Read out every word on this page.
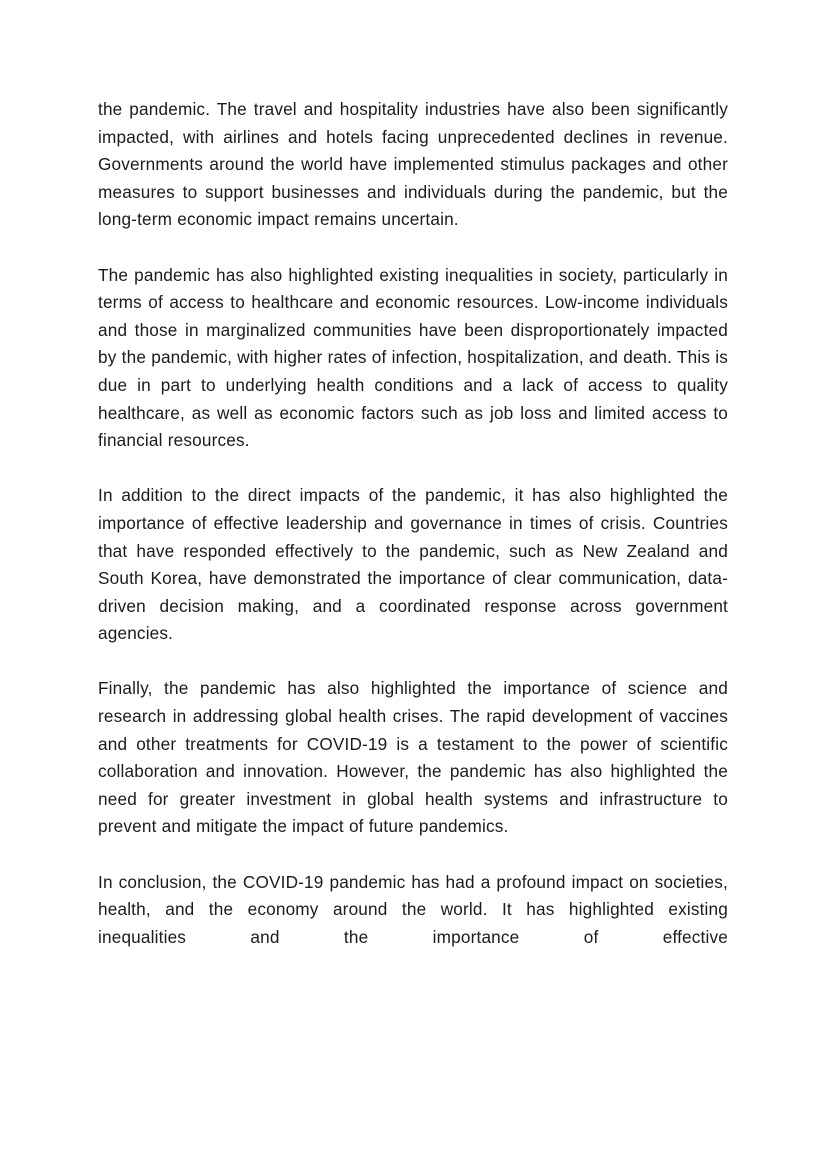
the pandemic. The travel and hospitality industries have also been significantly impacted, with airlines and hotels facing unprecedented declines in revenue. Governments around the world have implemented stimulus packages and other measures to support businesses and individuals during the pandemic, but the long-term economic impact remains uncertain.

The pandemic has also highlighted existing inequalities in society, particularly in terms of access to healthcare and economic resources. Low-income individuals and those in marginalized communities have been disproportionately impacted by the pandemic, with higher rates of infection, hospitalization, and death. This is due in part to underlying health conditions and a lack of access to quality healthcare, as well as economic factors such as job loss and limited access to financial resources.

In addition to the direct impacts of the pandemic, it has also highlighted the importance of effective leadership and governance in times of crisis. Countries that have responded effectively to the pandemic, such as New Zealand and South Korea, have demonstrated the importance of clear communication, data-driven decision making, and a coordinated response across government agencies.

Finally, the pandemic has also highlighted the importance of science and research in addressing global health crises. The rapid development of vaccines and other treatments for COVID-19 is a testament to the power of scientific collaboration and innovation. However, the pandemic has also highlighted the need for greater investment in global health systems and infrastructure to prevent and mitigate the impact of future pandemics.

In conclusion, the COVID-19 pandemic has had a profound impact on societies, health, and the economy around the world. It has highlighted existing inequalities and the importance of effective
